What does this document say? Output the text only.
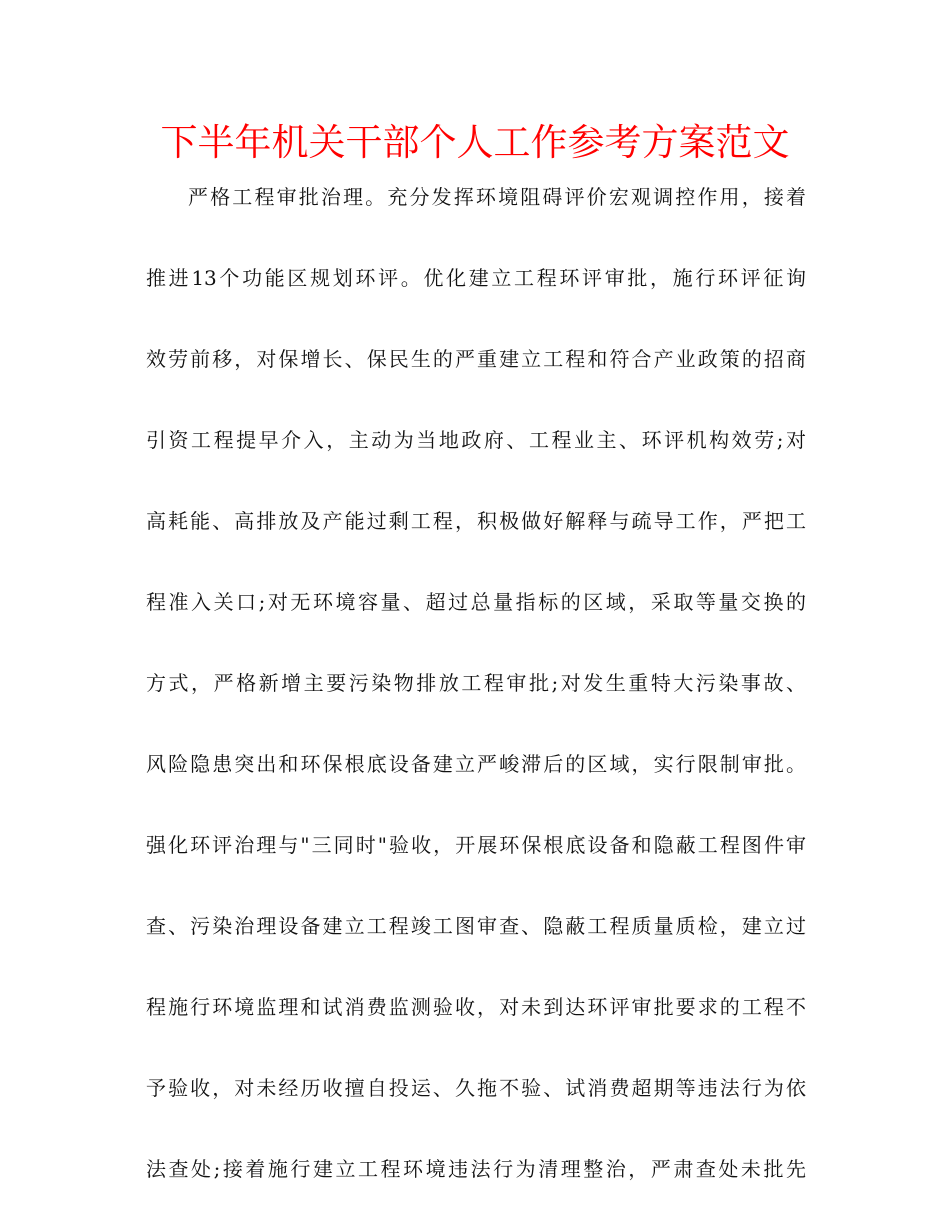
下半年机关干部个人工作参考方案范文
严格工程审批治理。充分发挥环境阻碍评价宏观调控作用，接着
推进13个功能区规划环评。优化建立工程环评审批，施行环评征询
效劳前移，对保增长、保民生的严重建立工程和符合产业政策的招商
引资工程提早介入，主动为当地政府、工程业主、环评机构效劳;对
高耗能、高排放及产能过剩工程，积极做好解释与疏导工作，严把工
程准入关口;对无环境容量、超过总量指标的区域，采取等量交换的
方式，严格新增主要污染物排放工程审批;对发生重特大污染事故、
风险隐患突出和环保根底设备建立严峻滞后的区域，实行限制审批。
强化环评治理与"三同时"验收，开展环保根底设备和隐蔽工程图件审
查、污染治理设备建立工程竣工图审查、隐蔽工程质量质检，建立过
程施行环境监理和试消费监测验收，对未到达环评审批要求的工程不
予验收，对未经历收擅自投运、久拖不验、试消费超期等违法行为依
法查处;接着施行建立工程环境违法行为清理整治，严肃查处未批先
